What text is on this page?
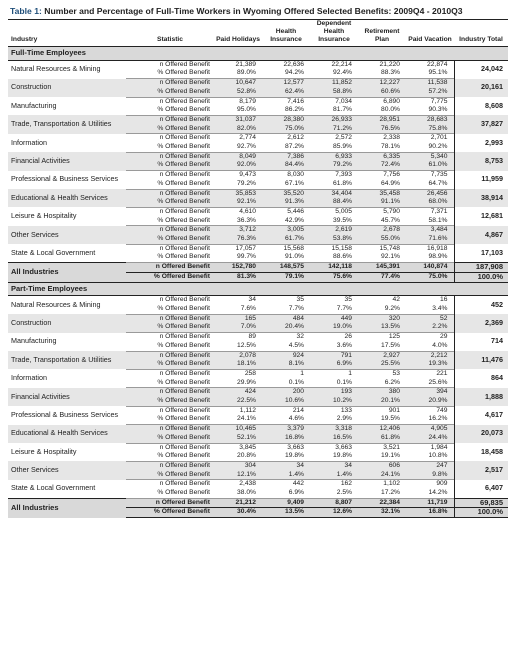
Table 1: Number and Percentage of Full-Time Workers in Wyoming Offered Selected Benefits: 2009Q4 - 2010Q3
Industry	Statistic	Paid Holidays	Health Insurance	Dependent Health Insurance	Retirement Plan	Paid Vacation	Industry Total
Full-Time Employees							
Natural Resources & Mining	n Offered Benefit	21,389	22,636	22,214	21,220	22,874	24,042
	% Offered Benefit	89.0%	94.2%	92.4%	88.3%	95.1%	
Construction	n Offered Benefit	10,647	12,577	11,852	12,227	11,538	20,161
	% Offered Benefit	52.8%	62.4%	58.8%	60.6%	57.2%	
Manufacturing	n Offered Benefit	8,179	7,416	7,034	6,890	7,775	8,608
	% Offered Benefit	95.0%	86.2%	81.7%	80.0%	90.3%	
Trade, Transportation & Utilities	n Offered Benefit	31,037	28,380	26,933	28,951	28,683	37,827
	% Offered Benefit	82.0%	75.0%	71.2%	76.5%	75.8%	
Information	n Offered Benefit	2,774	2,612	2,572	2,338	2,701	2,993
	% Offered Benefit	92.7%	87.2%	85.9%	78.1%	90.2%	
Financial Activities	n Offered Benefit	8,049	7,386	6,933	6,335	5,340	8,753
	% Offered Benefit	92.0%	84.4%	79.2%	72.4%	61.0%	
Professional & Business Services	n Offered Benefit	9,473	8,030	7,393	7,756	7,735	11,959
	% Offered Benefit	79.2%	67.1%	61.8%	64.9%	64.7%	
Educational & Health Services	n Offered Benefit	35,853	35,520	34,404	35,458	26,456	38,914
	% Offered Benefit	92.1%	91.3%	88.4%	91.1%	68.0%	
Leisure & Hospitality	n Offered Benefit	4,610	5,446	5,005	5,790	7,371	12,681
	% Offered Benefit	36.3%	42.9%	39.5%	45.7%	58.1%	
Other Services	n Offered Benefit	3,712	3,005	2,619	2,678	3,484	4,867
	% Offered Benefit	76.3%	61.7%	53.8%	55.0%	71.6%	
State & Local Government	n Offered Benefit	17,057	15,568	15,158	15,748	16,918	17,103
	% Offered Benefit	99.7%	91.0%	88.6%	92.1%	98.9%	
All Industries	n Offered Benefit	152,780	148,575	142,118	145,391	140,874	187,908
	% Offered Benefit	81.3%	79.1%	75.6%	77.4%	75.0%	100.0%
Part-Time Employees							
Natural Resources & Mining	n Offered Benefit	34	35	35	42	16	452
	% Offered Benefit	7.6%	7.7%	7.7%	9.2%	3.4%	
Construction	n Offered Benefit	165	484	449	320	52	2,369
	% Offered Benefit	7.0%	20.4%	19.0%	13.5%	2.2%	
Manufacturing	n Offered Benefit	89	32	26	125	29	714
	% Offered Benefit	12.5%	4.5%	3.6%	17.5%	4.0%	
Trade, Transportation & Utilities	n Offered Benefit	2,078	924	791	2,927	2,212	11,476
	% Offered Benefit	18.1%	8.1%	6.9%	25.5%	19.3%	
Information	n Offered Benefit	258	1	1	53	221	864
	% Offered Benefit	29.9%	0.1%	0.1%	6.2%	25.6%	
Financial Activities	n Offered Benefit	424	200	193	380	394	1,888
	% Offered Benefit	22.5%	10.6%	10.2%	20.1%	20.9%	
Professional & Business Services	n Offered Benefit	1,112	214	133	901	749	4,617
	% Offered Benefit	24.1%	4.6%	2.9%	19.5%	16.2%	
Educational & Health Services	n Offered Benefit	10,465	3,379	3,318	12,406	4,905	20,073
	% Offered Benefit	52.1%	16.8%	16.5%	61.8%	24.4%	
Leisure & Hospitality	n Offered Benefit	3,845	3,663	3,663	3,521	1,984	18,458
	% Offered Benefit	20.8%	19.8%	19.8%	19.1%	10.8%	
Other Services	n Offered Benefit	304	34	34	606	247	2,517
	% Offered Benefit	12.1%	1.4%	1.4%	24.1%	9.8%	
State & Local Government	n Offered Benefit	2,438	442	162	1,102	909	6,407
	% Offered Benefit	38.0%	6.9%	2.5%	17.2%	14.2%	
All Industries	n Offered Benefit	21,212	9,409	8,807	22,384	11,719	69,835
	% Offered Benefit	30.4%	13.5%	12.6%	32.1%	16.8%	100.0%
